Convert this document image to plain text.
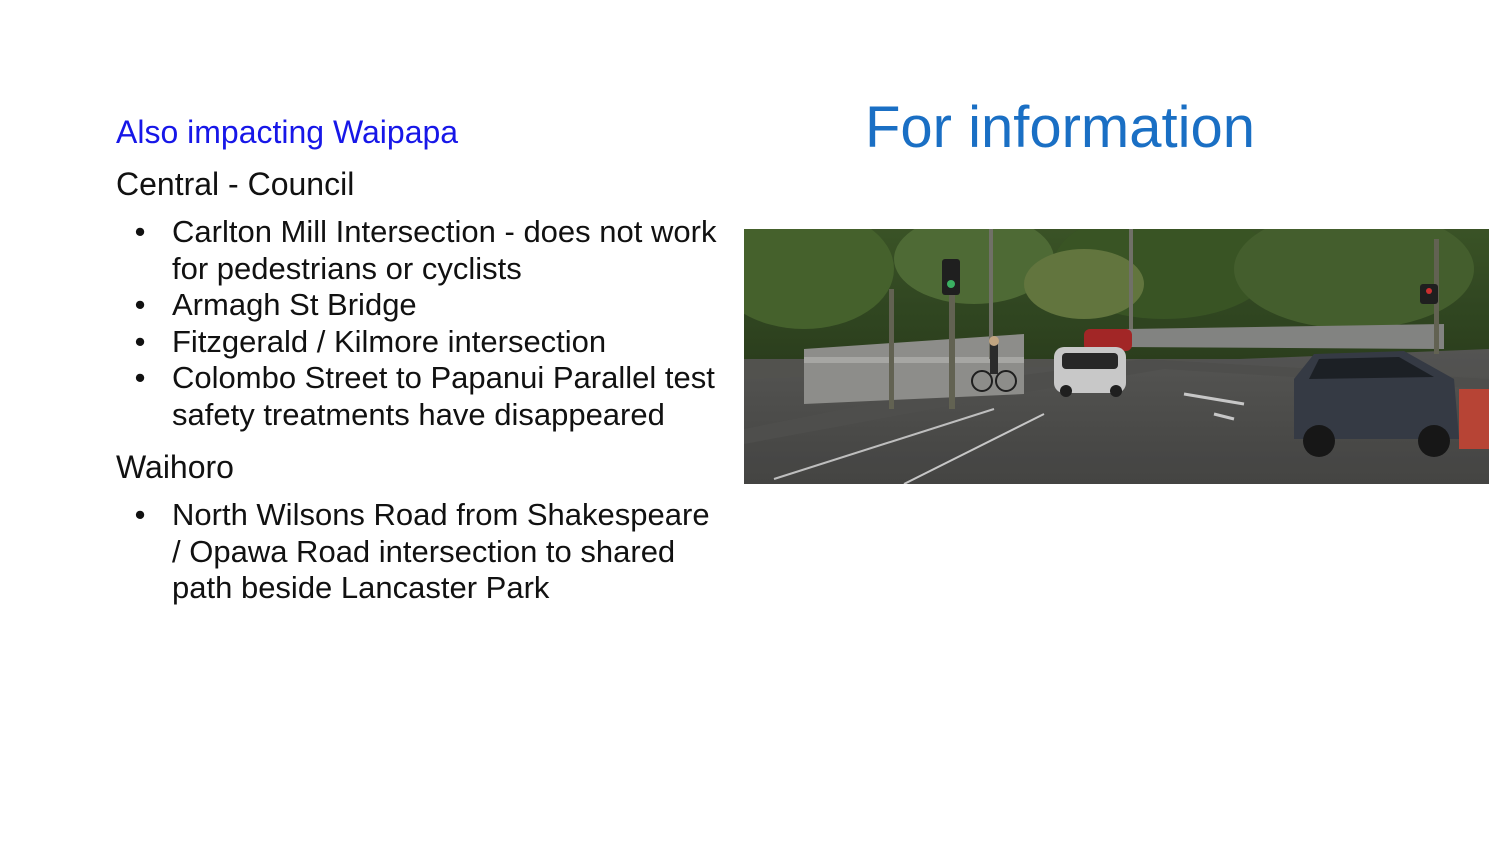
For information
Also impacting Waipapa
Central - Council
• Carlton Mill Intersection - does not work for pedestrians or cyclists
• Armagh St Bridge
• Fitzgerald / Kilmore intersection
• Colombo Street to Papanui Parallel test safety treatments have disappeared
Waihoro
• North Wilsons Road from Shakespeare / Opawa Road intersection to shared path beside Lancaster Park
